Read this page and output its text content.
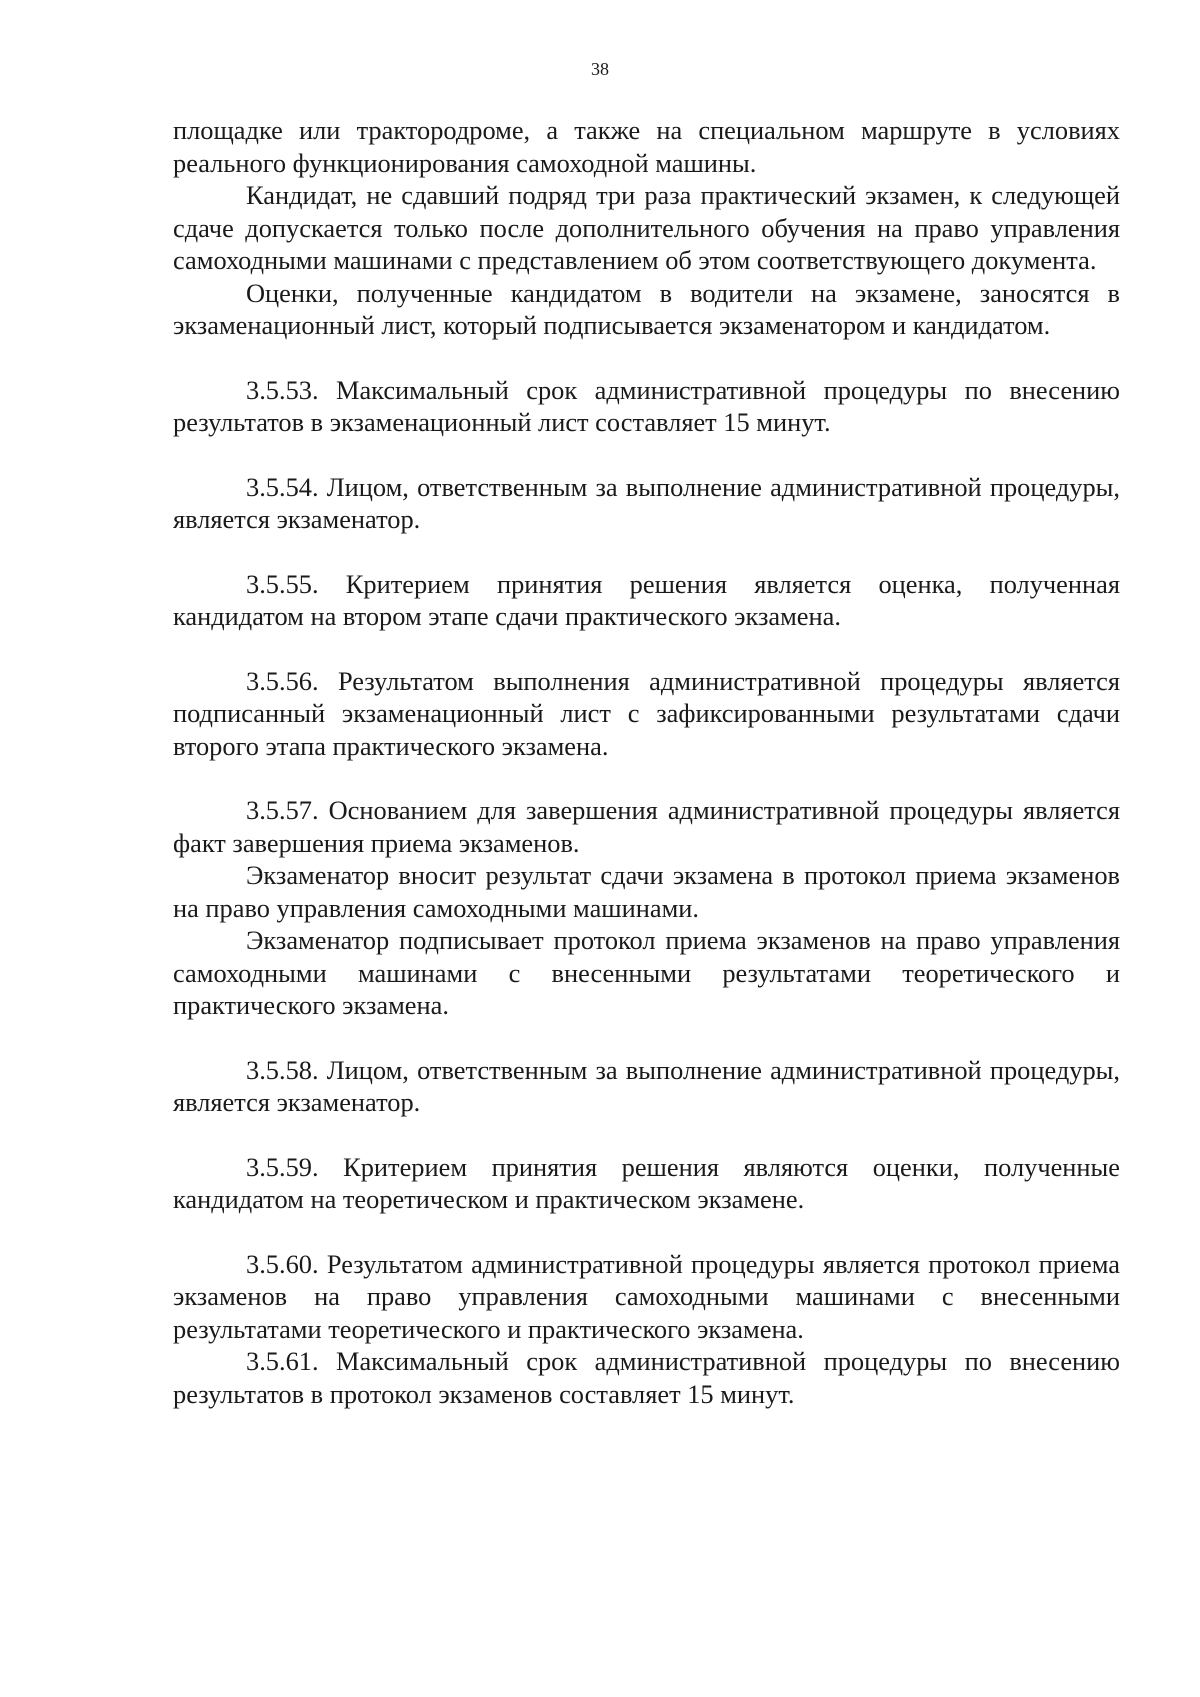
38

площадке или трактородроме, а также на специальном маршруте в условиях реального функционирования самоходной машины.

Кандидат, не сдавший подряд три раза практический экзамен, к следующей сдаче допускается только после дополнительного обучения на право управления самоходными машинами с представлением об этом соответствующего документа.

Оценки, полученные кандидатом в водители на экзамене, заносятся в экзаменационный лист, который подписывается экзаменатором и кандидатом.

3.5.53. Максимальный срок административной процедуры по внесению результатов в экзаменационный лист составляет 15 минут.

3.5.54. Лицом, ответственным за выполнение административной процедуры, является экзаменатор.

3.5.55. Критерием принятия решения является оценка, полученная кандидатом на втором этапе сдачи практического экзамена.

3.5.56. Результатом выполнения административной процедуры является подписанный экзаменационный лист с зафиксированными результатами сдачи второго этапа практического экзамена.

3.5.57. Основанием для завершения административной процедуры является факт завершения приема экзаменов.

Экзаменатор вносит результат сдачи экзамена в протокол приема экзаменов на право управления самоходными машинами.

Экзаменатор подписывает протокол приема экзаменов на право управления самоходными машинами с внесенными результатами теоретического и практического экзамена.

3.5.58. Лицом, ответственным за выполнение административной процедуры, является экзаменатор.

3.5.59. Критерием принятия решения являются оценки, полученные кандидатом на теоретическом и практическом экзамене.

3.5.60. Результатом административной процедуры является протокол приема экзаменов на право управления самоходными машинами с внесенными результатами теоретического и практического экзамена.

3.5.61. Максимальный срок административной процедуры по внесению результатов в протокол экзаменов составляет 15 минут.
